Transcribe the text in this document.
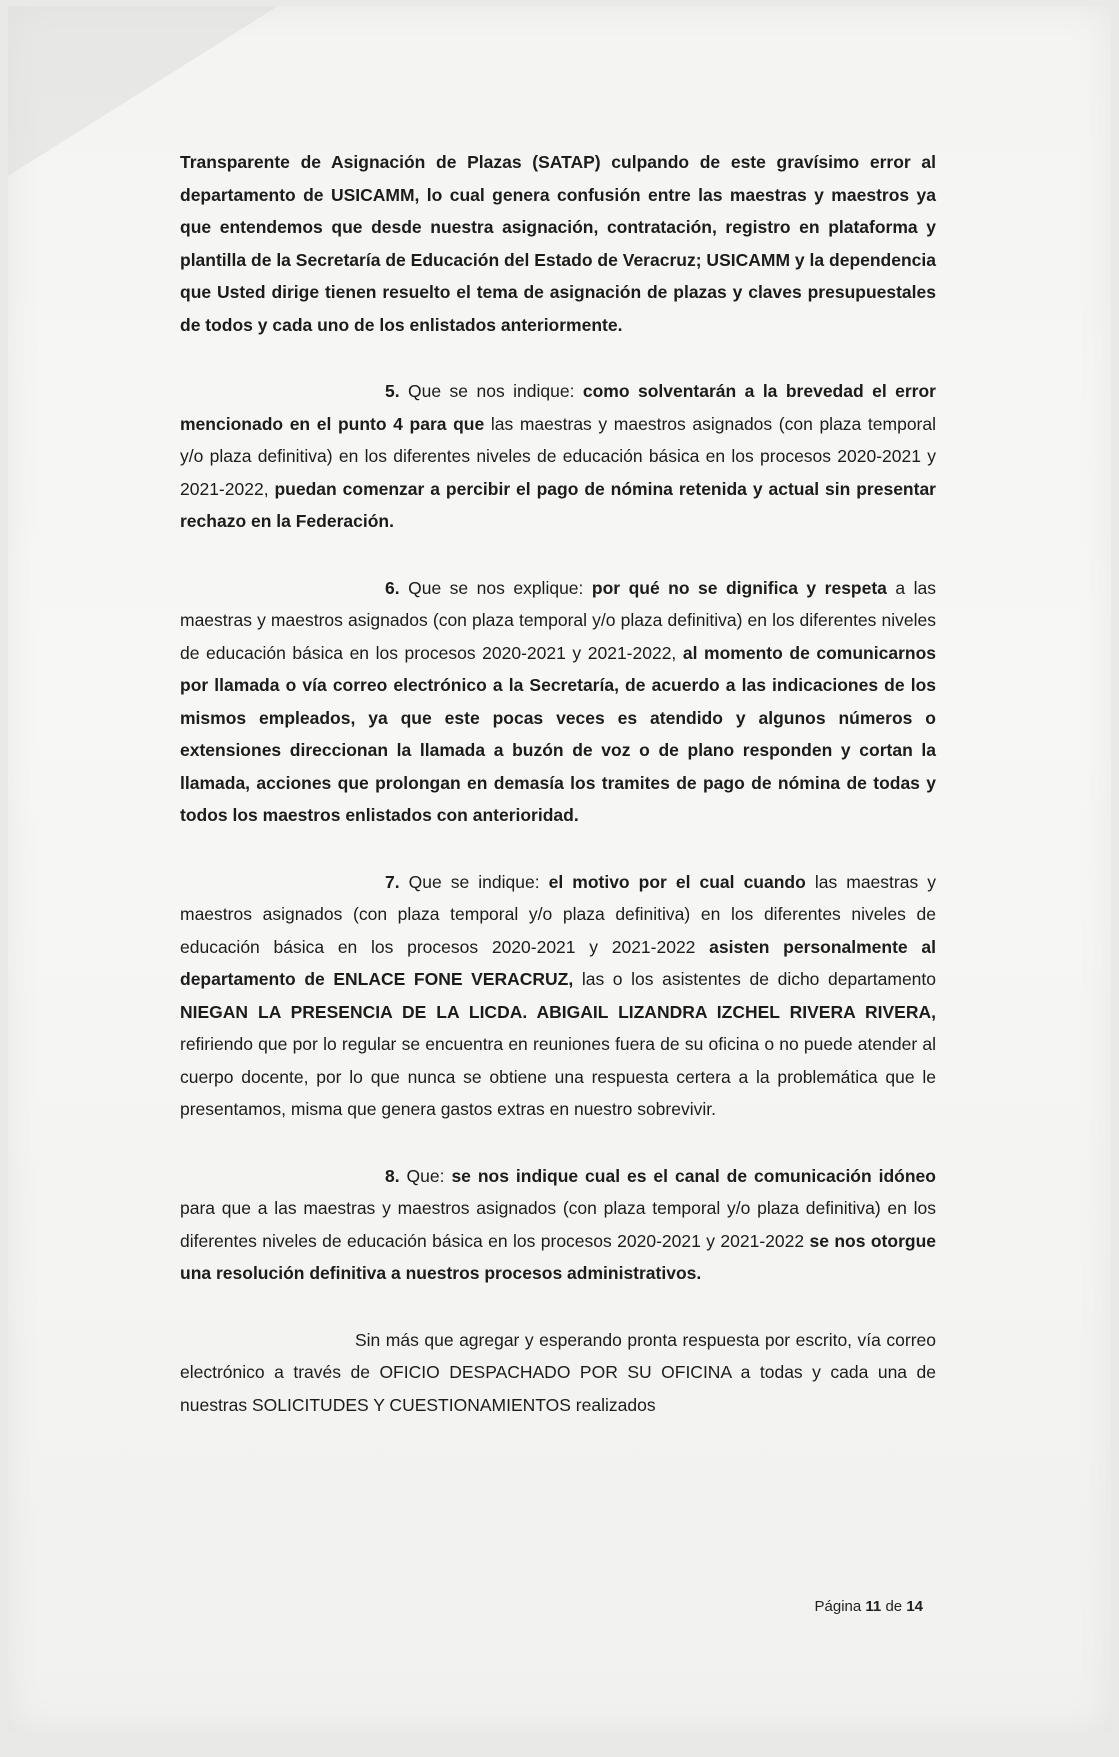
Transparente de Asignación de Plazas (SATAP) culpando de este gravísimo error al departamento de USICAMM, lo cual genera confusión entre las maestras y maestros ya que entendemos que desde nuestra asignación, contratación, registro en plataforma y plantilla de la Secretaría de Educación del Estado de Veracruz; USICAMM y la dependencia que Usted dirige tienen resuelto el tema de asignación de plazas y claves presupuestales de todos y cada uno de los enlistados anteriormente.

5. Que se nos indique: como solventarán a la brevedad el error mencionado en el punto 4 para que las maestras y maestros asignados (con plaza temporal y/o plaza definitiva) en los diferentes niveles de educación básica en los procesos 2020-2021 y 2021-2022, puedan comenzar a percibir el pago de nómina retenida y actual sin presentar rechazo en la Federación.

6. Que se nos explique: por qué no se dignifica y respeta a las maestras y maestros asignados (con plaza temporal y/o plaza definitiva) en los diferentes niveles de educación básica en los procesos 2020-2021 y 2021-2022, al momento de comunicarnos por llamada o vía correo electrónico a la Secretaría, de acuerdo a las indicaciones de los mismos empleados, ya que este pocas veces es atendido y algunos números o extensiones direccionan la llamada a buzón de voz o de plano responden y cortan la llamada, acciones que prolongan en demasía los tramites de pago de nómina de todas y todos los maestros enlistados con anterioridad.

7. Que se indique: el motivo por el cual cuando las maestras y maestros asignados (con plaza temporal y/o plaza definitiva) en los diferentes niveles de educación básica en los procesos 2020-2021 y 2021-2022 asisten personalmente al departamento de ENLACE FONE VERACRUZ, las o los asistentes de dicho departamento NIEGAN LA PRESENCIA DE LA LICDA. ABIGAIL LIZANDRA IZCHEL RIVERA RIVERA, refiriendo que por lo regular se encuentra en reuniones fuera de su oficina o no puede atender al cuerpo docente, por lo que nunca se obtiene una respuesta certera a la problemática que le presentamos, misma que genera gastos extras en nuestro sobrevivir.

8. Que: se nos indique cual es el canal de comunicación idóneo para que a las maestras y maestros asignados (con plaza temporal y/o plaza definitiva) en los diferentes niveles de educación básica en los procesos 2020-2021 y 2021-2022 se nos otorgue una resolución definitiva a nuestros procesos administrativos.

Sin más que agregar y esperando pronta respuesta por escrito, vía correo electrónico a través de OFICIO DESPACHADO POR SU OFICINA a todas y cada una de nuestras SOLICITUDES Y CUESTIONAMIENTOS realizados

Página 11 de 14
